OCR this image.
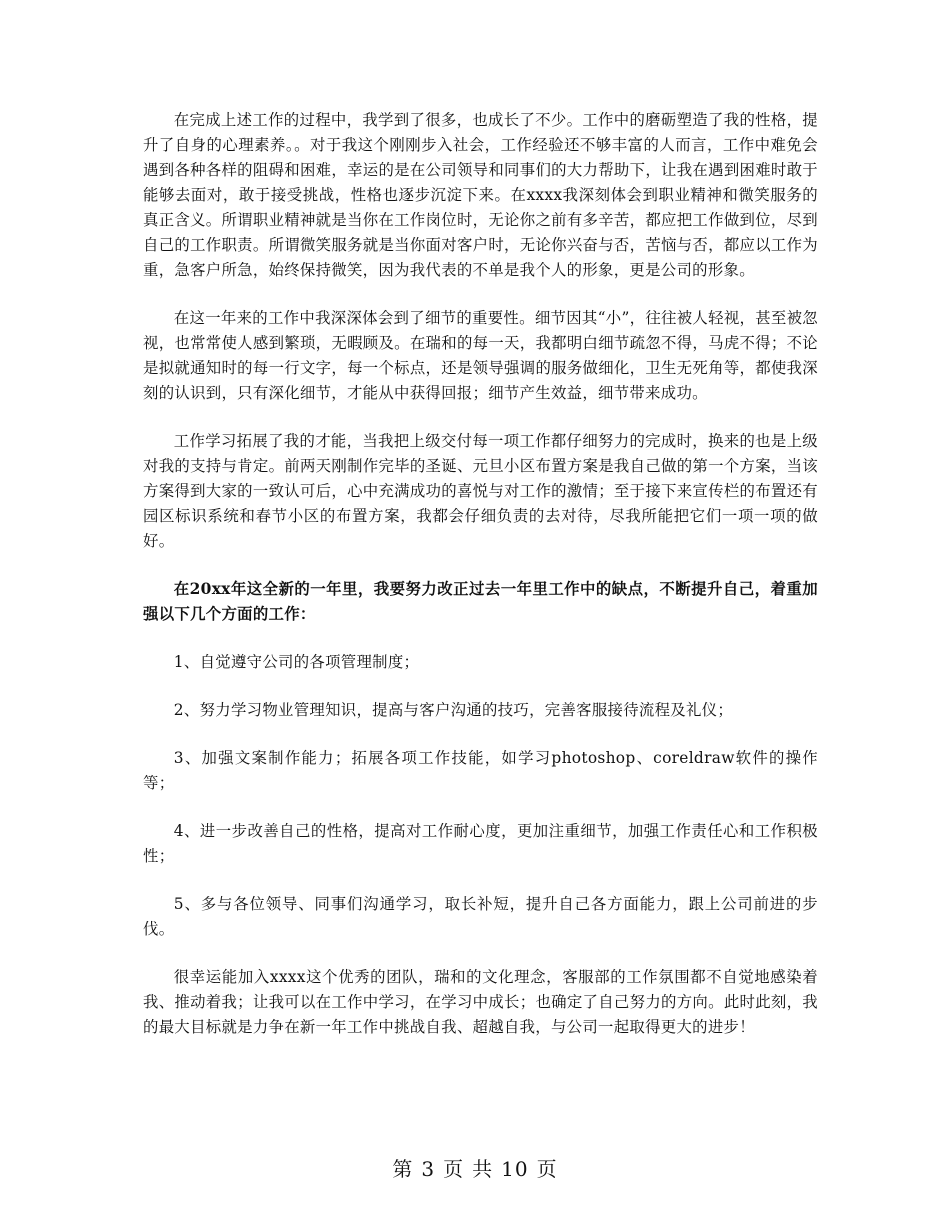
在完成上述工作的过程中，我学到了很多，也成长了不少。工作中的磨砺塑造了我的性格，提升了自身的心理素养。。对于我这个刚刚步入社会，工作经验还不够丰富的人而言，工作中难免会遇到各种各样的阻碍和困难，幸运的是在公司领导和同事们的大力帮助下，让我在遇到困难时敢于能够去面对，敢于接受挑战，性格也逐步沉淀下来。在xxxx我深刻体会到职业精神和微笑服务的真正含义。所谓职业精神就是当你在工作岗位时，无论你之前有多辛苦，都应把工作做到位，尽到自己的工作职责。所谓微笑服务就是当你面对客户时，无论你兴奋与否，苦恼与否，都应以工作为重，急客户所急，始终保持微笑，因为我代表的不单是我个人的形象，更是公司的形象。

在这一年来的工作中我深深体会到了细节的重要性。细节因其“小”，往往被人轻视，甚至被忽视，也常常使人感到繁琐，无暇顾及。在瑞和的每一天，我都明白细节疏忽不得，马虎不得；不论是拟就通知时的每一行文字，每一个标点，还是领导强调的服务做细化，卫生无死角等，都使我深刻的认识到，只有深化细节，才能从中获得回报；细节产生效益，细节带来成功。

工作学习拓展了我的才能，当我把上级交付每一项工作都仔细努力的完成时，换来的也是上级对我的支持与肯定。前两天刚制作完毕的圣诞、元旦小区布置方案是我自己做的第一个方案，当该方案得到大家的一致认可后，心中充满成功的喜悦与对工作的激情；至于接下来宣传栏的布置还有园区标识系统和春节小区的布置方案，我都会仔细负责的去对待，尽我所能把它们一项一项的做好。

在20xx年这全新的一年里，我要努力改正过去一年里工作中的缺点，不断提升自己，着重加强以下几个方面的工作：

1、自觉遵守公司的各项管理制度；

2、努力学习物业管理知识，提高与客户沟通的技巧，完善客服接待流程及礼仪；

3、加强文案制作能力；拓展各项工作技能，如学习photoshop、coreldraw软件的操作等；

4、进一步改善自己的性格，提高对工作耐心度，更加注重细节，加强工作责任心和工作积极性；

5、多与各位领导、同事们沟通学习，取长补短，提升自己各方面能力，跟上公司前进的步伐。

很幸运能加入xxxx这个优秀的团队，瑞和的文化理念，客服部的工作氛围都不自觉地感染着我、推动着我；让我可以在工作中学习，在学习中成长；也确定了自己努力的方向。此时此刻，我的最大目标就是力争在新一年工作中挑战自我、超越自我，与公司一起取得更大的进步！

第 3 页 共 10 页
